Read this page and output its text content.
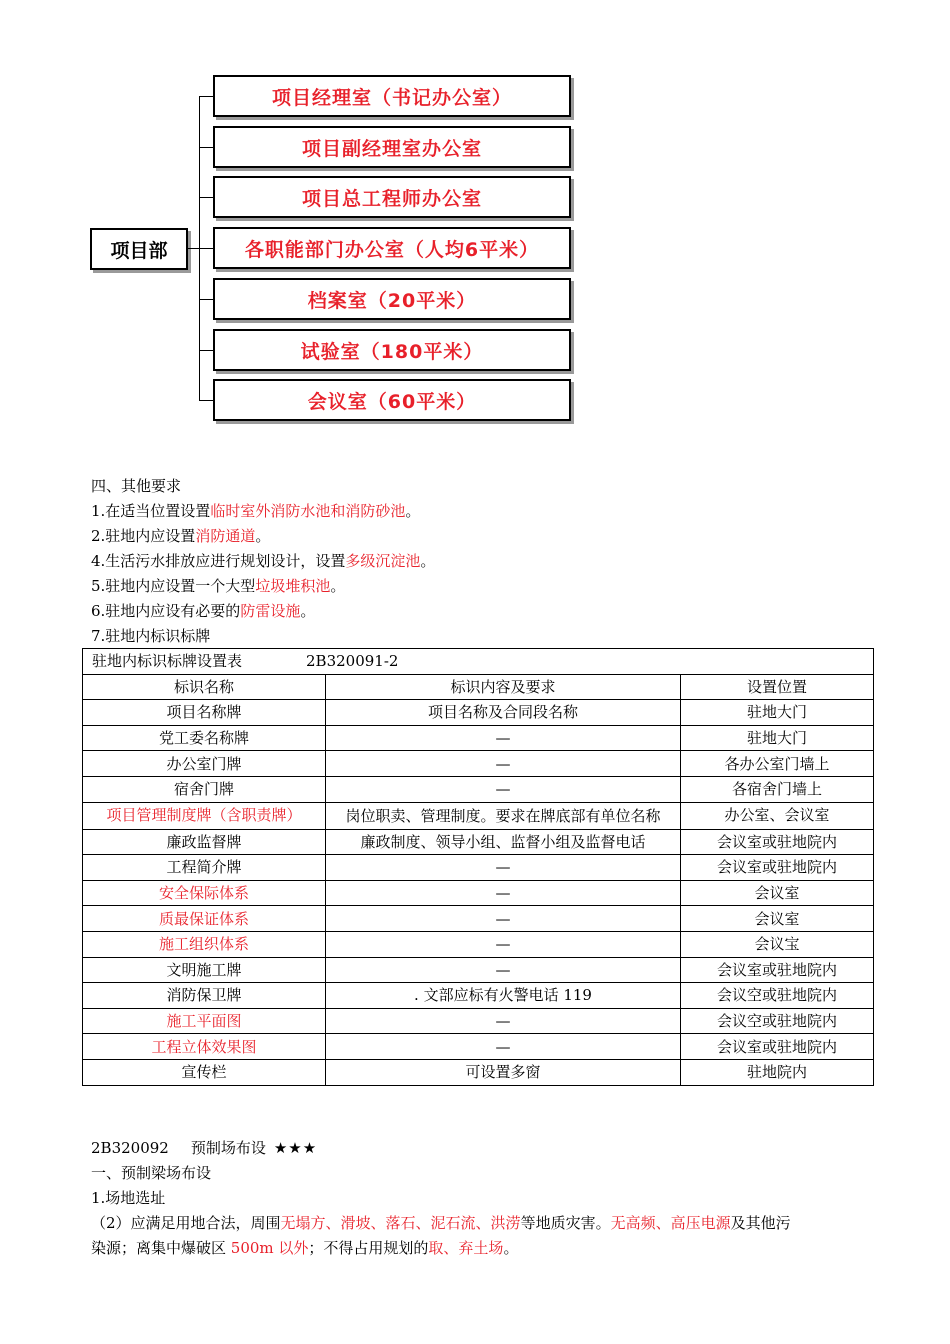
项目部
项目经理室（书记办公室）
项目副经理室办公室
项目总工程师办公室
各职能部门办公室（人均6平米）
档案室（20平米）
试验室（180平米）
会议室（60平米）
四、其他要求
1.在适当位置设置临时室外消防水池和消防砂池。
2.驻地内应设置消防通道。
4.生活污水排放应进行规划设计，设置多级沉淀池。
5.驻地内应设置一个大型垃圾堆积池。
6.驻地内应设有必要的防雷设施。
7.驻地内标识标牌
驻地内标识标牌设置表 2B320091-2		
标识名称	标识内容及要求	设置位置
项目名称牌	项目名称及合同段名称	驻地大门
党工委名称牌	—	驻地大门
办公室门牌	—	各办公室门墙上
宿舍门牌	—	各宿舍门墙上
项目管理制度牌（含职责牌）	岗位职卖、管理制度。要求在牌底部有单位名称	办公室、会议室
廉政监督牌	廉政制度、领导小组、监督小组及监督电话	会议室或驻地院内
工程简介牌	—	会议室或驻地院内
安全保际体系	—	会议室
质最保证体系	—	会议室
施工组织体系	—	会议宝
文明施工牌	—	会议室或驻地院内
消防保卫牌	. 文部应标有火警电话 119	会议空或驻地院内
施工平面图	—	会议空或驻地院内
工程立体效果图	—	会议室或驻地院内
宣传栏	可设置多窗	驻地院内
2B320092 预制场布设 ★★★
一、预制梁场布设
1.场地选址
（2）应满足用地合法，周围无塌方、滑坡、落石、泥石流、洪涝等地质灾害。无高频、高压电源及其他污
染源；离集中爆破区 500m 以外；不得占用规划的取、弃土场。
